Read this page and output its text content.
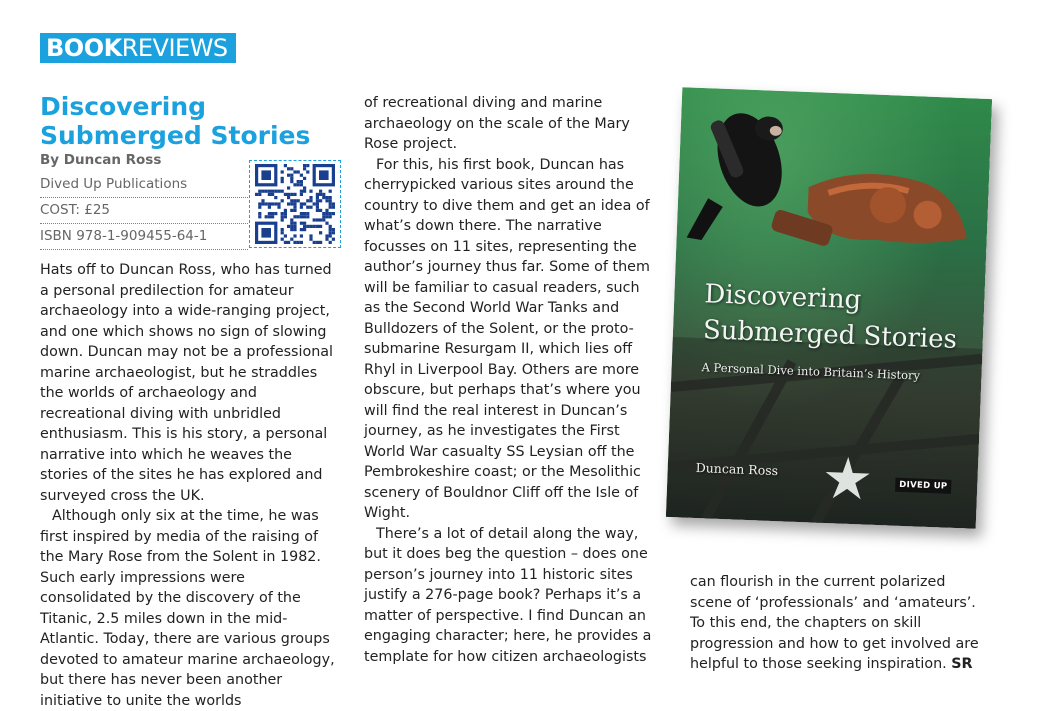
BOOK REVIEWS
Discovering Submerged Stories
By Duncan Ross
Dived Up Publications
COST: £25
ISBN 978-1-909455-64-1

Hats off to Duncan Ross, who has turned a personal predilection for amateur archaeology into a wide-ranging project, and one which shows no sign of slowing down. Duncan may not be a professional marine archaeologist, but he straddles the worlds of archaeology and recreational diving with unbridled enthusiasm. This is his story, a personal narrative into which he weaves the stories of the sites he has explored and surveyed cross the UK.

Although only six at the time, he was first inspired by media of the raising of the Mary Rose from the Solent in 1982. Such early impressions were consolidated by the discovery of the Titanic, 2.5 miles down in the mid-Atlantic. Today, there are various groups devoted to amateur marine archaeology, but there has never been another initiative to unite the worlds

of recreational diving and marine archaeology on the scale of the Mary Rose project.

For this, his first book, Duncan has cherrypicked various sites around the country to dive them and get an idea of what’s down there. The narrative focusses on 11 sites, representing the author’s journey thus far. Some of them will be familiar to casual readers, such as the Second World War Tanks and Bulldozers of the Solent, or the proto-submarine Resurgam II, which lies off Rhyl in Liverpool Bay. Others are more obscure, but perhaps that’s where you will find the real interest in Duncan’s journey, as he investigates the First World War casualty SS Leysian off the Pembrokeshire coast; or the Mesolithic scenery of Bouldnor Cliff off the Isle of Wight.

There’s a lot of detail along the way, but it does beg the question – does one person’s journey into 11 historic sites justify a 276-page book? Perhaps it’s a matter of perspective. I find Duncan an engaging character; here, he provides a template for how citizen archaeologists

can flourish in the current polarized scene of ‘professionals’ and ‘amateurs’. To this end, the chapters on skill progression and how to get involved are helpful to those seeking inspiration. SR

Discovering
Submerged Stories
A Personal Dive into Britain’s History
Duncan Ross
DIVED UP
